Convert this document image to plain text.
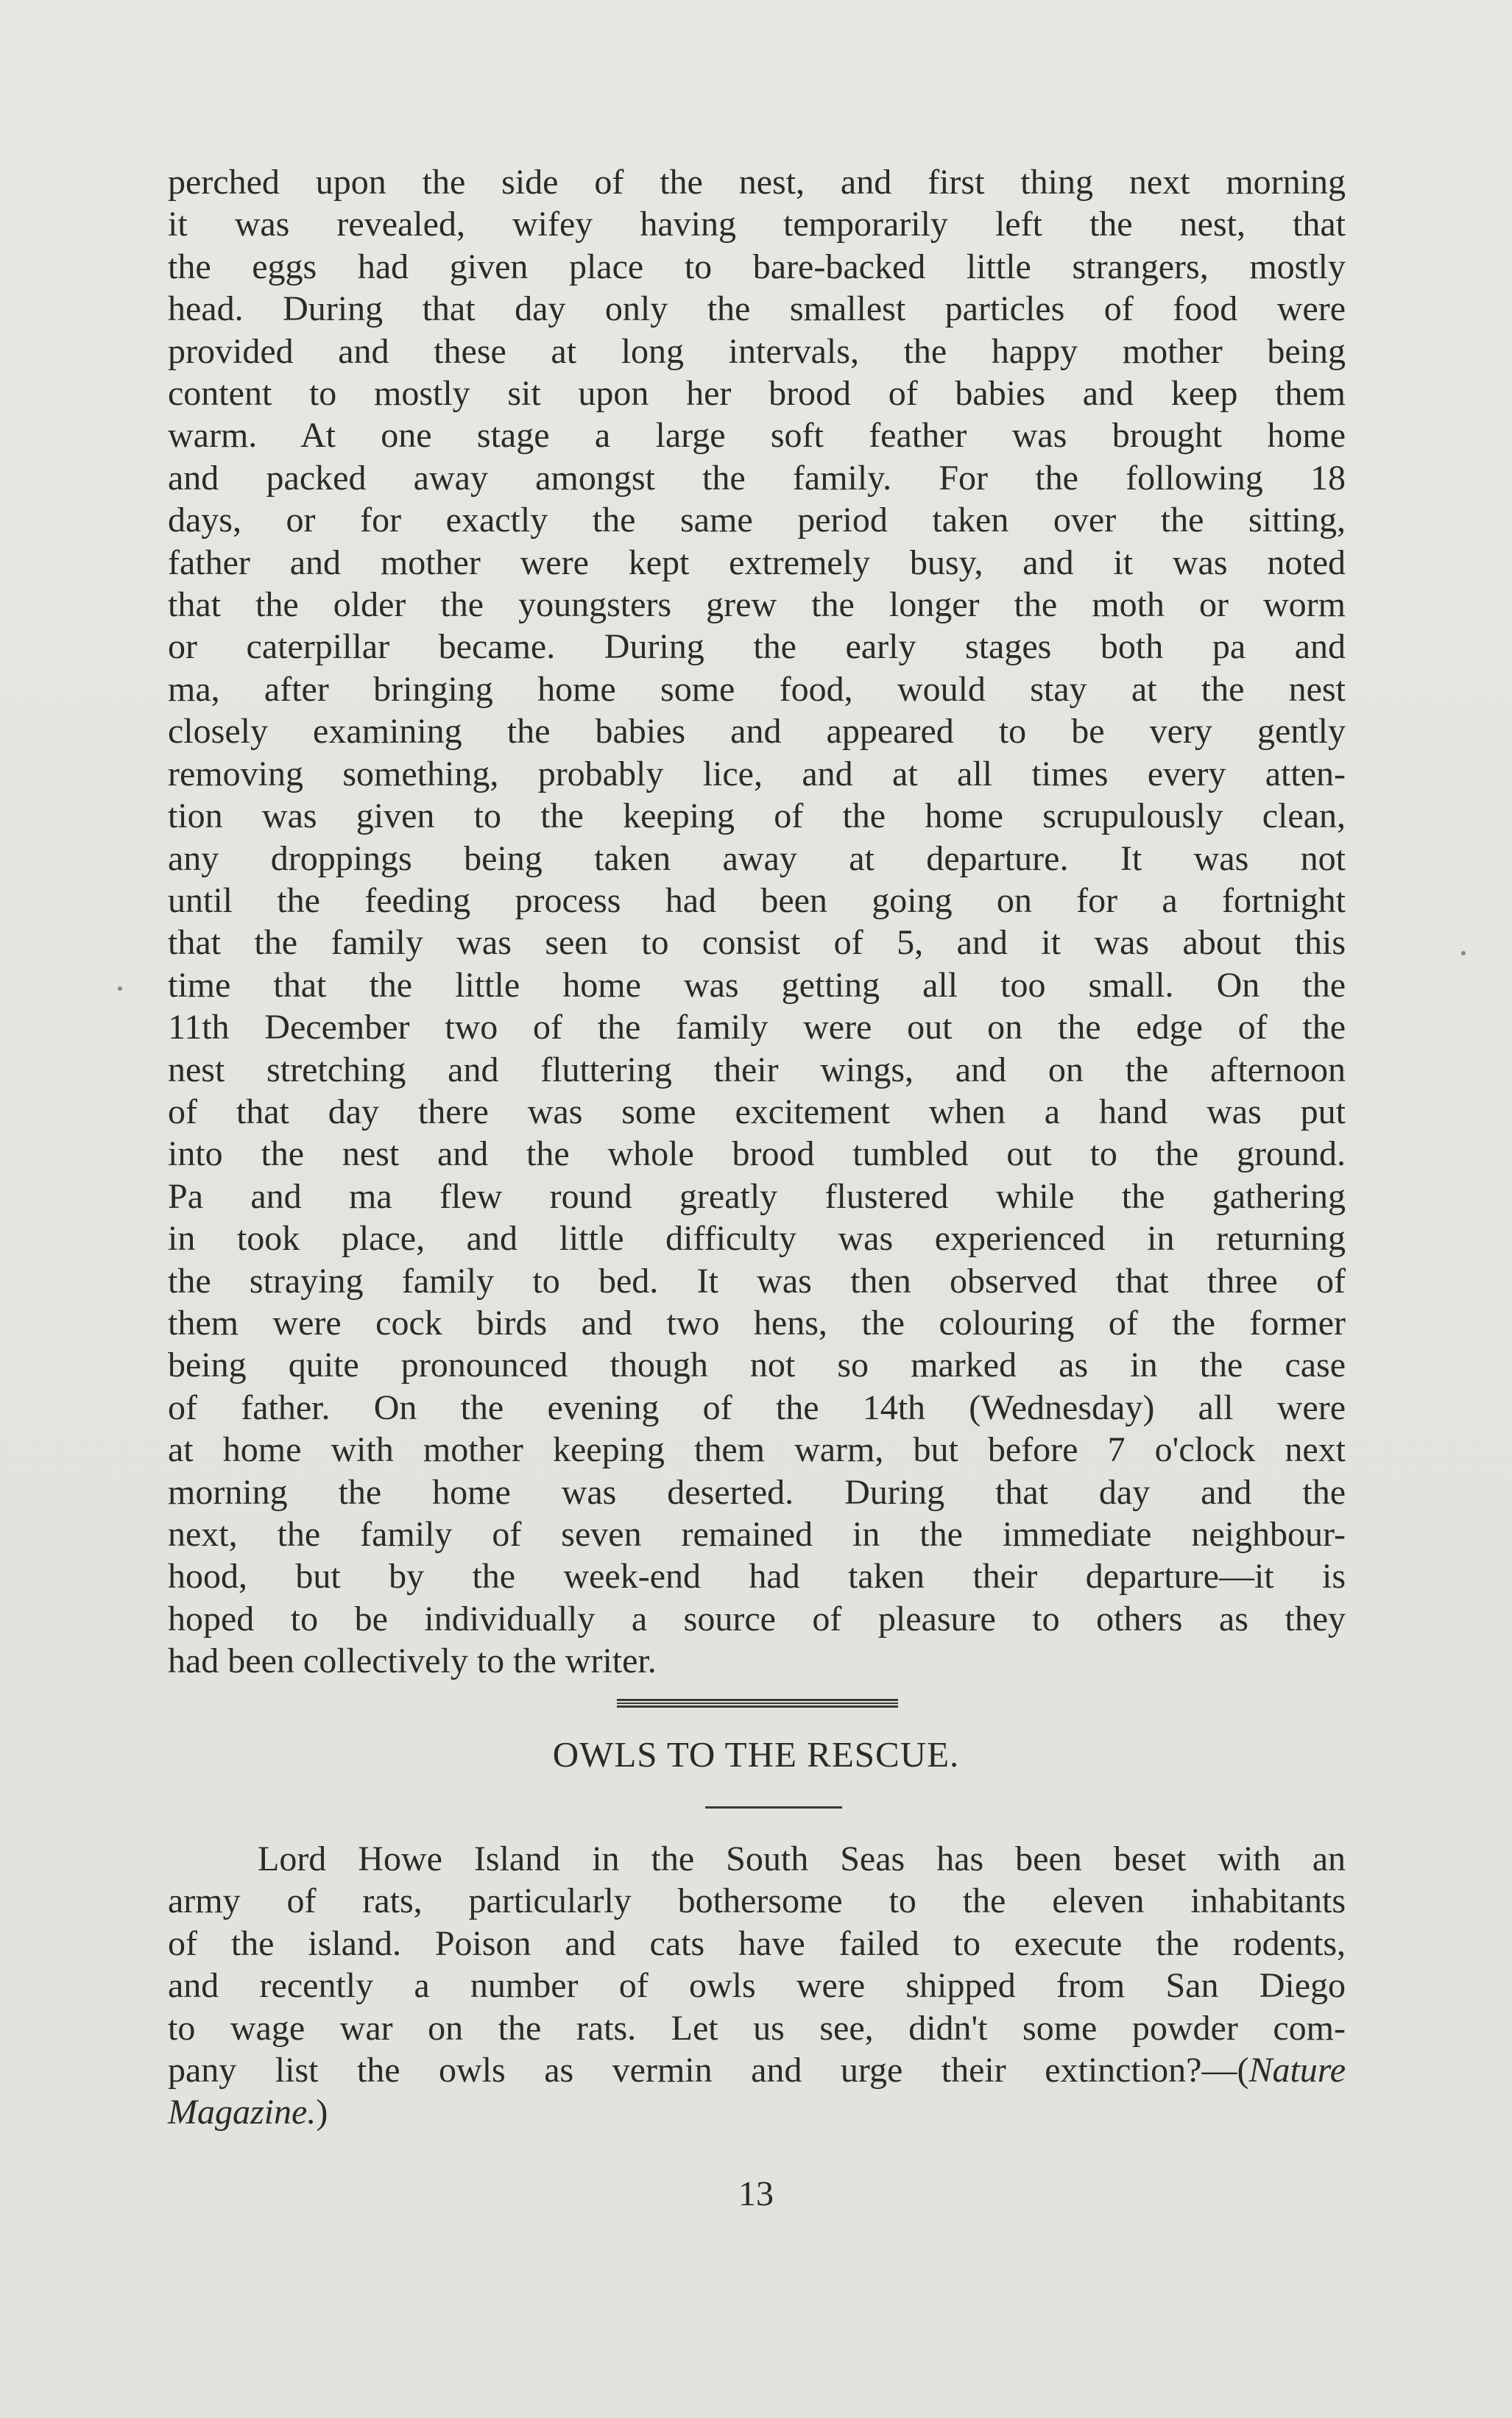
perched upon the side of the nest, and first thing next morning
it was revealed, wifey having temporarily left the nest, that
the eggs had given place to bare-backed little strangers, mostly
head. During that day only the smallest particles of food were
provided and these at long intervals, the happy mother being
content to mostly sit upon her brood of babies and keep them
warm. At one stage a large soft feather was brought home
and packed away amongst the family. For the following 18
days, or for exactly the same period taken over the sitting,
father and mother were kept extremely busy, and it was noted
that the older the youngsters grew the longer the moth or worm
or caterpillar became. During the early stages both pa and
ma, after bringing home some food, would stay at the nest
closely examining the babies and appeared to be very gently
removing something, probably lice, and at all times every atten-
tion was given to the keeping of the home scrupulously clean,
any droppings being taken away at departure. It was not
until the feeding process had been going on for a fortnight
that the family was seen to consist of 5, and it was about this
time that the little home was getting all too small. On the
11th December two of the family were out on the edge of the
nest stretching and fluttering their wings, and on the afternoon
of that day there was some excitement when a hand was put
into the nest and the whole brood tumbled out to the ground.
Pa and ma flew round greatly flustered while the gathering
in took place, and little difficulty was experienced in returning
the straying family to bed. It was then observed that three of
them were cock birds and two hens, the colouring of the former
being quite pronounced though not so marked as in the case
of father. On the evening of the 14th (Wednesday) all were
at home with mother keeping them warm, but before 7 o'clock next
morning the home was deserted. During that day and the
next, the family of seven remained in the immediate neighbour-
hood, but by the week-end had taken their departure—it is
hoped to be individually a source of pleasure to others as they
had been collectively to the writer.
OWLS TO THE RESCUE.
Lord Howe Island in the South Seas has been beset with an
army of rats, particularly bothersome to the eleven inhabitants
of the island. Poison and cats have failed to execute the rodents,
and recently a number of owls were shipped from San Diego
to wage war on the rats. Let us see, didn't some powder com-
pany list the owls as vermin and urge their extinction?—(Nature
Magazine.)
13
